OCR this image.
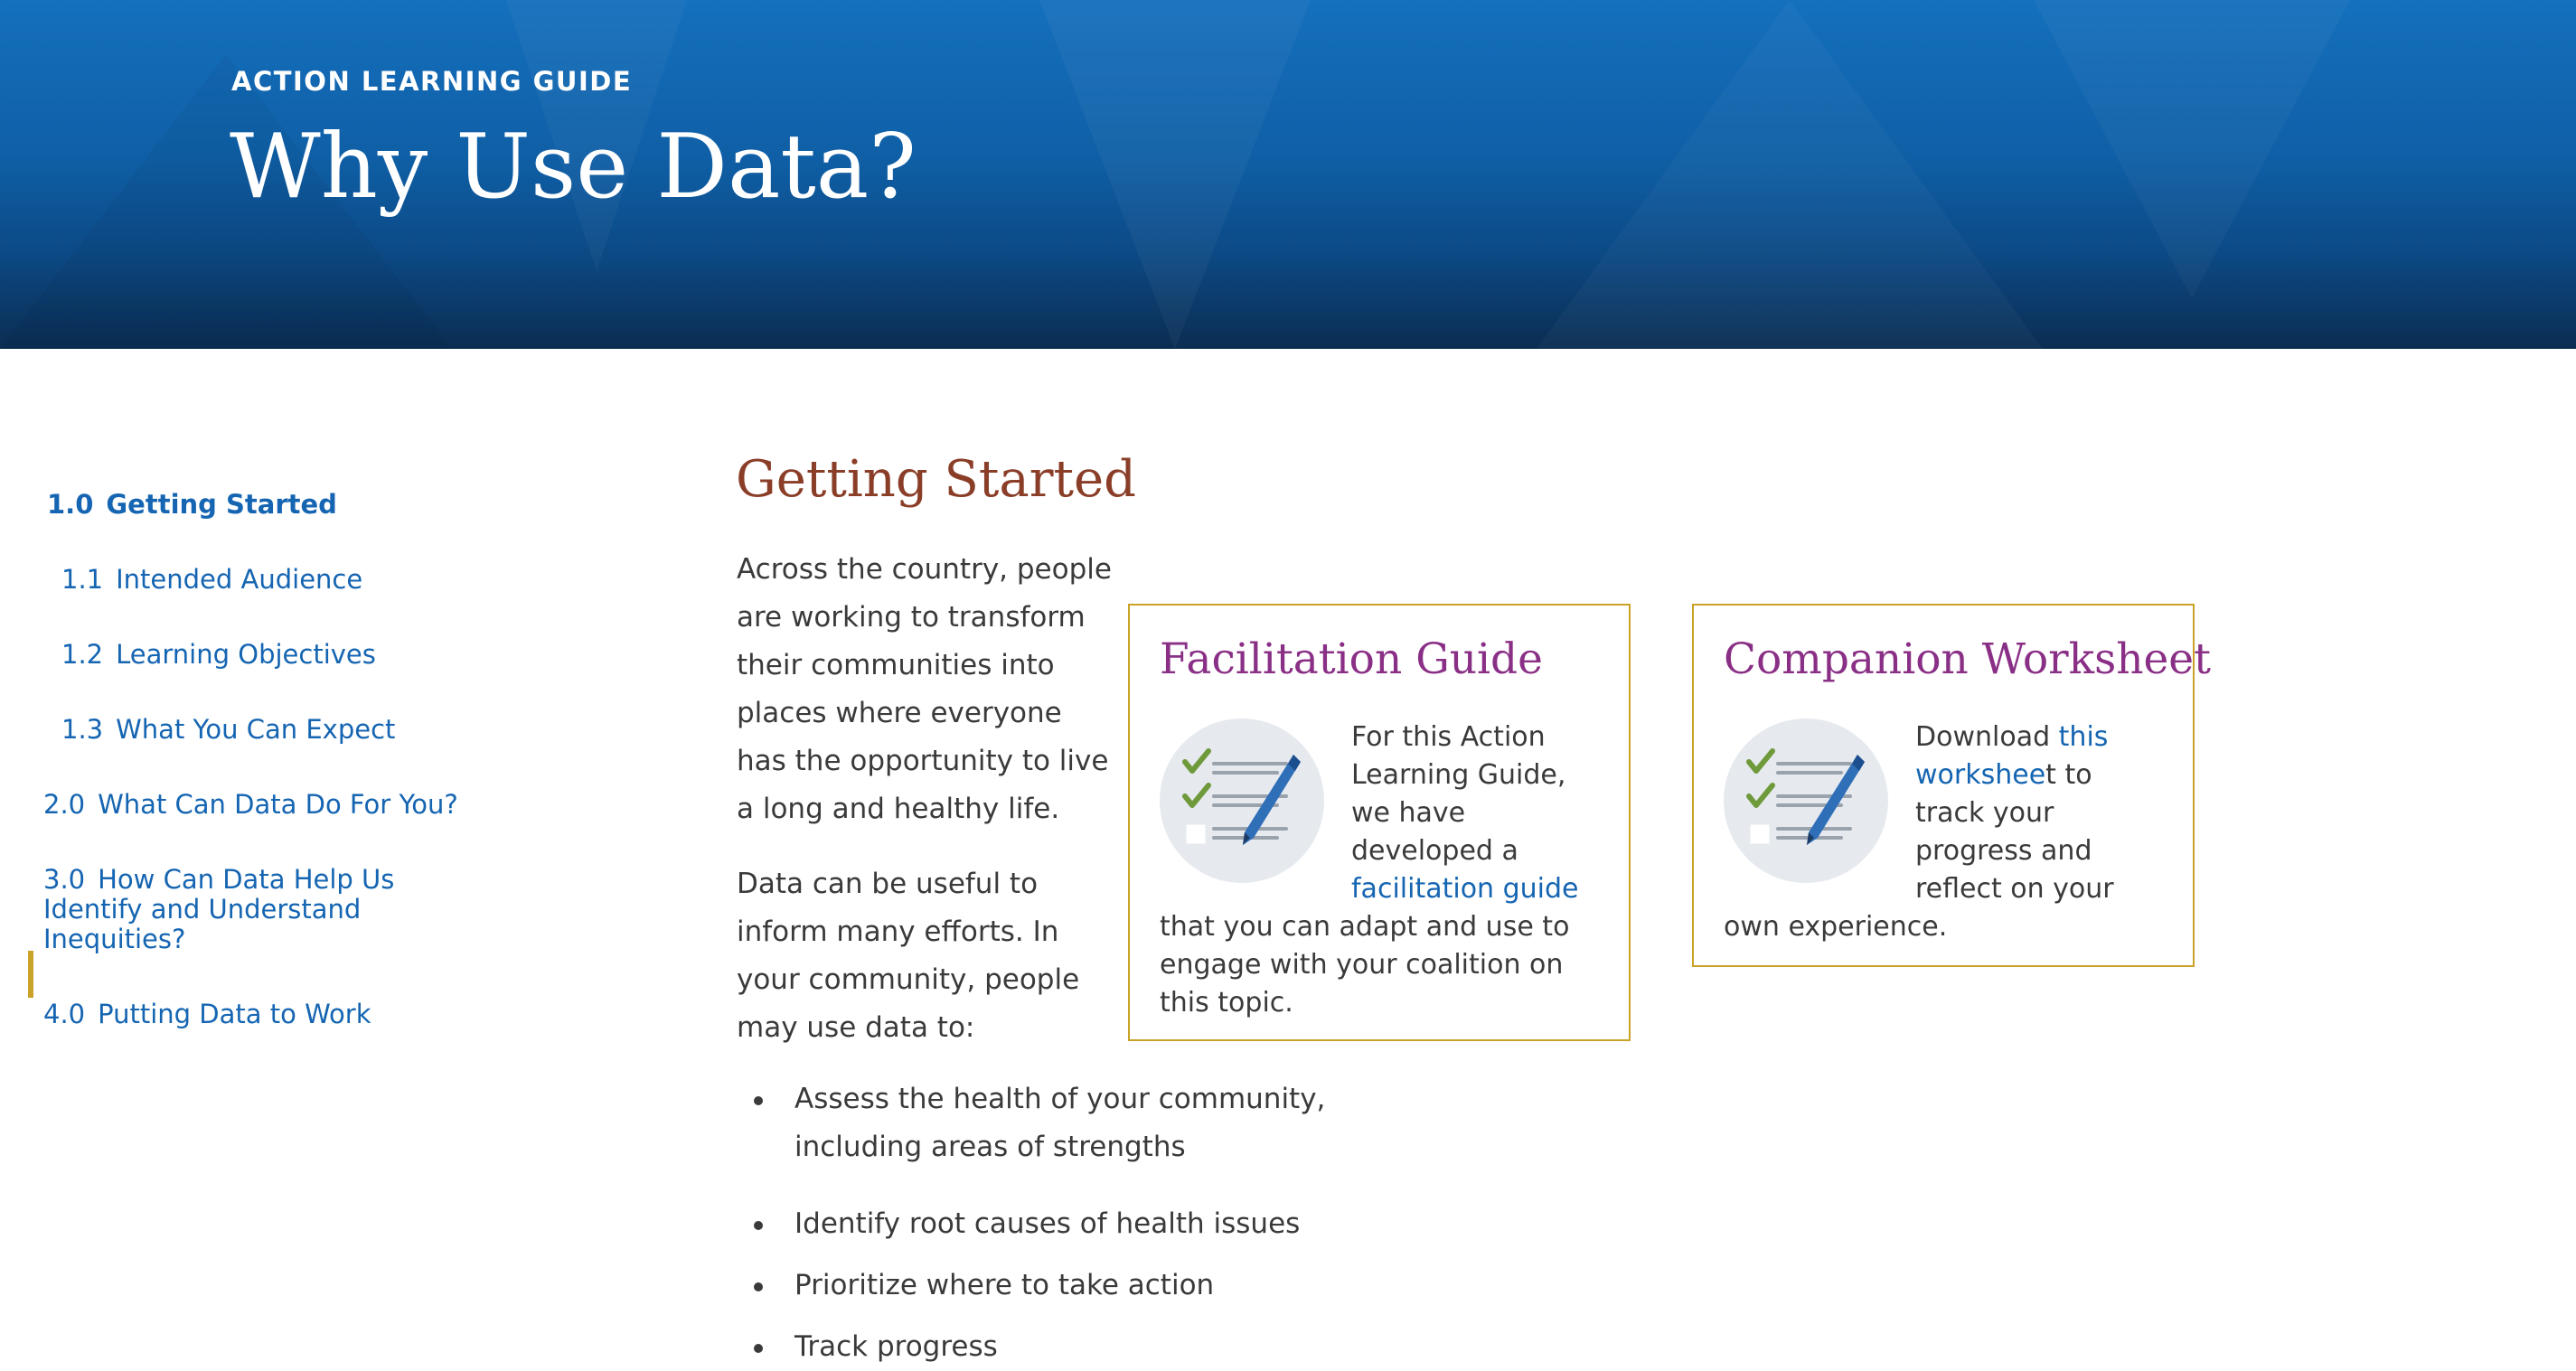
ACTION LEARNING GUIDE

Why Use Data?
1.0 Getting Started
1.1 Intended Audience
1.2 Learning Objectives
1.3 What You Can Expect
2.0 What Can Data Do For You?
3.0 How Can Data Help Us
Identify and Understand
Inequities?
4.0 Putting Data to Work
Getting Started

Across the country, people
are working to transform
their communities into
places where everyone
has the opportunity to live
a long and healthy life.

Data can be useful to
inform many efforts. In
your community, people
may use data to:

Assess the health of your community, including areas of strengths
Identify root causes of health issues
Prioritize where to take action
Track progress
Facilitation Guide

For this Action Learning Guide, we have developed a facilitation guide that you can adapt and use to engage with your coalition on this topic.

Companion Worksheet

Download this worksheet to track your progress and reflect on your own experience.
